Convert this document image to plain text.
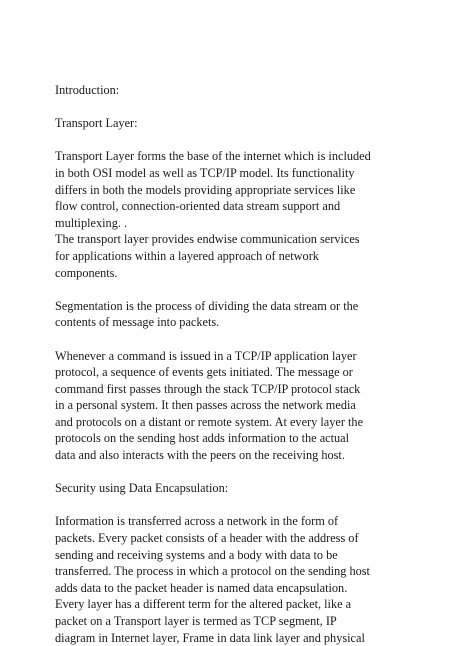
Introduction:
Transport Layer:
Transport Layer forms the base of the internet which is included
in both OSI model as well as TCP/IP model. Its functionality
differs in both the models providing appropriate services like
flow control, connection-oriented data stream support and
multiplexing. .
The transport layer provides endwise communication services
for applications within a layered approach of network
components.
Segmentation is the process of dividing the data stream or the
contents of message into packets.
Whenever a command is issued in a TCP/IP application layer
protocol, a sequence of events gets initiated. The message or
command first passes through the stack TCP/IP protocol stack
in a personal system. It then passes across the network media
and protocols on a distant or remote system. At every layer the
protocols on the sending host adds information to the actual
data and also interacts with the peers on the receiving host.
Security using Data Encapsulation:
Information is transferred across a network in the form of
packets. Every packet consists of a header with the address of
sending and receiving systems and a body with data to be
transferred. The process in which a protocol on the sending host
adds data to the packet header is named data encapsulation.
Every layer has a different term for the altered packet, like a
packet on a Transport layer is termed as TCP segment, IP
diagram in Internet layer, Frame in data link layer and physical
